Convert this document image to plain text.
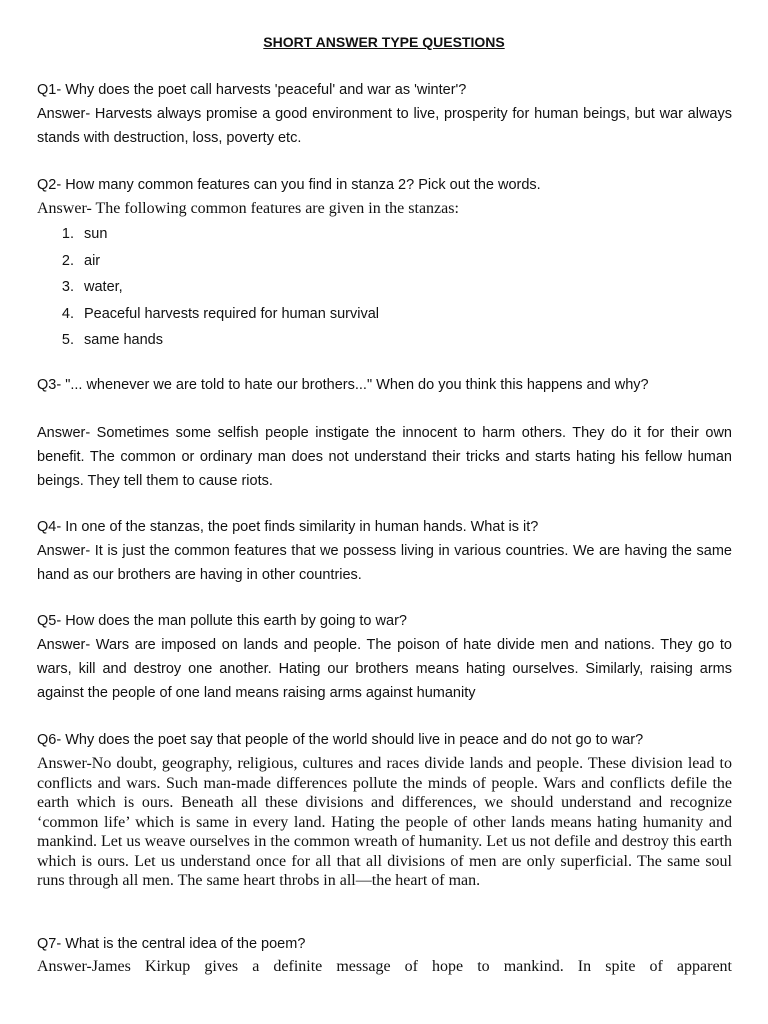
SHORT ANSWER TYPE QUESTIONS
Q1- Why does the poet call harvests 'peaceful' and war as 'winter'?
Answer- Harvests always promise a good environment to live, prosperity for human beings, but war always stands with destruction, loss, poverty etc.
Q2- How many common features can you find in stanza 2? Pick out the words.
Answer- The following common features are given in the stanzas:
1. sun
2. air
3. water,
4. Peaceful harvests required for human survival
5. same hands
Q3- "... whenever we are told to hate our brothers..." When do you think this happens and why?
Answer- Sometimes some selfish people instigate the innocent to harm others. They do it for their own benefit. The common or ordinary man does not understand their tricks and starts hating his fellow human beings. They tell them to cause riots.
Q4- In one of the stanzas, the poet finds similarity in human hands. What is it?
Answer- It is just the common features that we possess living in various countries. We are having the same hand as our brothers are having in other countries.
Q5- How does the man pollute this earth by going to war?
Answer- Wars are imposed on lands and people. The poison of hate divide men and nations. They go to wars, kill and destroy one another. Hating our brothers means hating ourselves. Similarly, raising arms against the people of one land means raising arms against humanity
Q6- Why does the poet say that people of the world should live in peace and do not go to war?
Answer-No doubt, geography, religious, cultures and races divide lands and people. These division lead to conflicts and wars. Such man-made differences pollute the minds of people. Wars and conflicts defile the earth which is ours. Beneath all these divisions and differences, we should understand and recognize ‘common life’ which is same in every land. Hating the people of other lands means hating humanity and mankind. Let us weave ourselves in the common wreath of humanity. Let us not defile and destroy this earth which is ours. Let us understand once for all that all divisions of men are only superficial. The same soul runs through all men. The same heart throbs in all—the heart of man.
Q7- What is the central idea of the poem?
Answer-James Kirkup gives a definite message of hope to mankind. In spite of apparent
